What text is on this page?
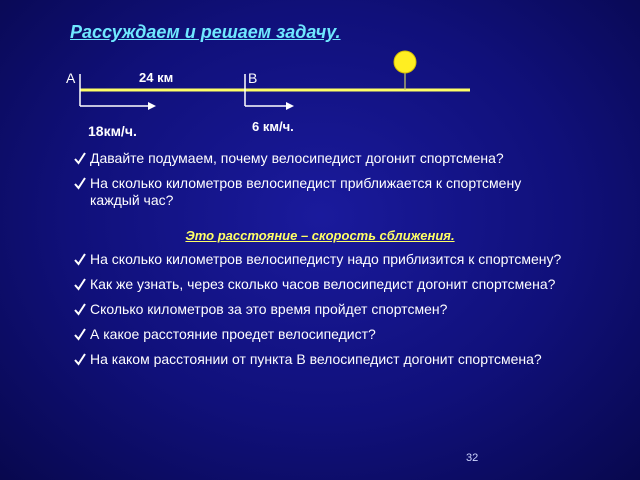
Рассуждаем и решаем задачу.
A	24 км	B
6 км/ч.
18км/ч.
Давайте подумаем, почему велосипедист догонит спортсмена?
На сколько километров велосипедист приближается к спортсмену каждый час?
Это расстояние – скорость сближения.
На сколько километров велосипедисту надо приблизится к спортсмену?
Как же узнать, через сколько часов велосипедист догонит спортсмена?
Сколько километров за это время пройдет спортсмен?
А какое расстояние проедет велосипедист?
На каком расстоянии от пункта В велосипедист догонит спортсмена?
32
